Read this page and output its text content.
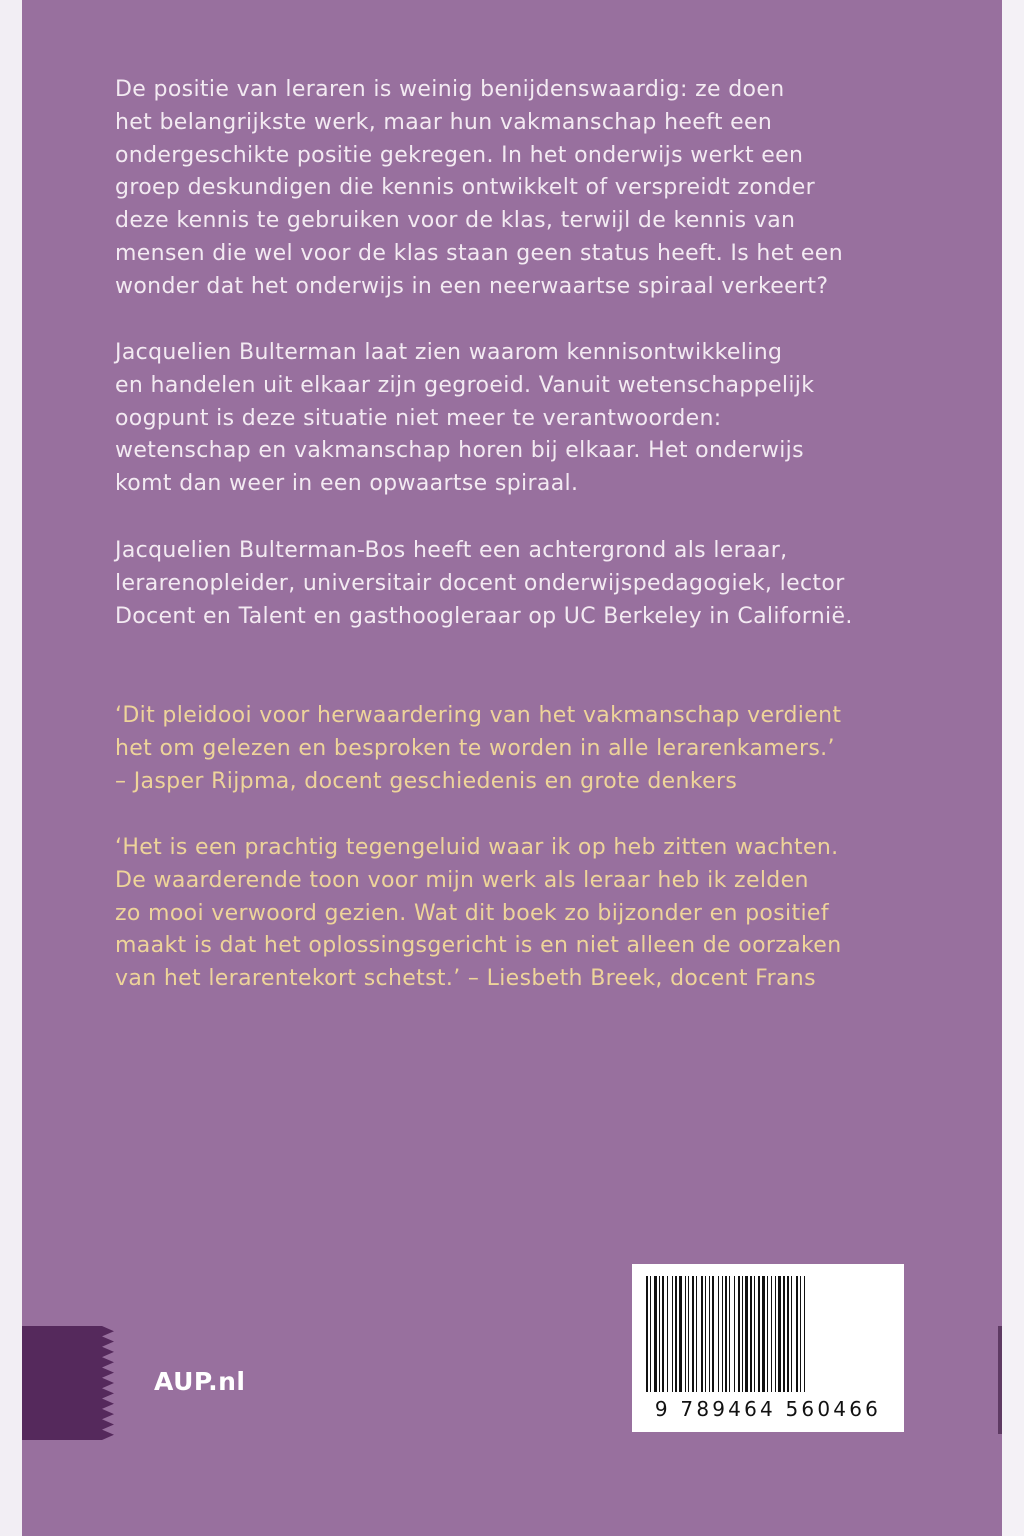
De positie van leraren is weinig benijdenswaardig: ze doen
het belangrijkste werk, maar hun vakmanschap heeft een
ondergeschikte positie gekregen. In het onderwijs werkt een
groep deskundigen die kennis ontwikkelt of verspreidt zonder
deze kennis te gebruiken voor de klas, terwijl de kennis van
mensen die wel voor de klas staan geen status heeft. Is het een
wonder dat het onderwijs in een neerwaartse spiraal verkeert?

Jacquelien Bulterman laat zien waarom kennisontwikkeling
en handelen uit elkaar zijn gegroeid. Vanuit wetenschappelijk
oogpunt is deze situatie niet meer te verantwoorden:
wetenschap en vakmanschap horen bij elkaar. Het onderwijs
komt dan weer in een opwaartse spiraal.

Jacquelien Bulterman-Bos heeft een achtergrond als leraar,
lerarenopleider, universitair docent onderwijspedagogiek, lector
Docent en Talent en gasthoogleraar op UC Berkeley in Californië.

‘Dit pleidooi voor herwaardering van het vakmanschap verdient
het om gelezen en besproken te worden in alle lerarenkamers.’
– Jasper Rijpma, docent geschiedenis en grote denkers

‘Het is een prachtig tegengeluid waar ik op heb zitten wachten.
De waarderende toon voor mijn werk als leraar heb ik zelden
zo mooi verwoord gezien. Wat dit boek zo bijzonder en positief
maakt is dat het oplossingsgericht is en niet alleen de oorzaken
van het lerarentekort schetst.’ – Liesbeth Breek, docent Frans

AUP.nl
9 789464 560466
